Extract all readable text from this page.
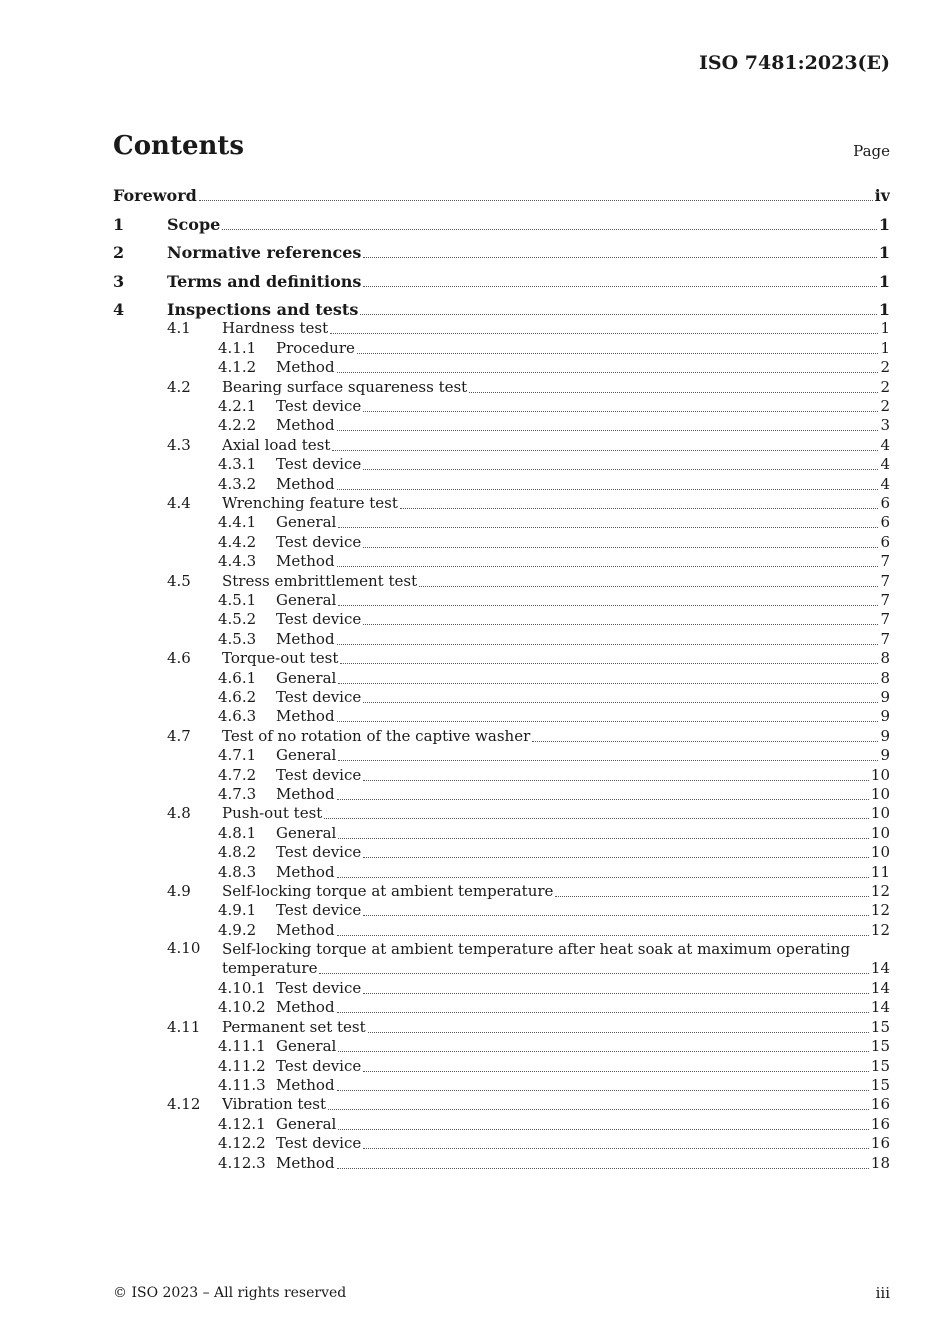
ISO 7481:2023(E)
Contents	Page
Foreword	iv
1	Scope	1
2	Normative references	1
3	Terms and definitions	1
4	Inspections and tests	1
4.1 Hardness test	1
4.1.1 Procedure	1
4.1.2 Method	2
4.2 Bearing surface squareness test	2
4.2.1 Test device	2
4.2.2 Method	3
4.3 Axial load test	4
4.3.1 Test device	4
4.3.2 Method	4
4.4 Wrenching feature test	6
4.4.1 General	6
4.4.2 Test device	6
4.4.3 Method	7
4.5 Stress embrittlement test	7
4.5.1 General	7
4.5.2 Test device	7
4.5.3 Method	7
4.6 Torque-out test	8
4.6.1 General	8
4.6.2 Test device	9
4.6.3 Method	9
4.7 Test of no rotation of the captive washer	9
4.7.1 General	9
4.7.2 Test device	10
4.7.3 Method	10
4.8 Push-out test	10
4.8.1 General	10
4.8.2 Test device	10
4.8.3 Method	11
4.9 Self-locking torque at ambient temperature	12
4.9.1 Test device	12
4.9.2 Method	12
4.10 Self-locking torque at ambient temperature after heat soak at maximum operating
temperature	14
4.10.1 Test device	14
4.10.2 Method	14
4.11 Permanent set test	15
4.11.1 General	15
4.11.2 Test device	15
4.11.3 Method	15
4.12 Vibration test	16
4.12.1 General	16
4.12.2 Test device	16
4.12.3 Method	18
© ISO 2023 – All rights reserved	iii
